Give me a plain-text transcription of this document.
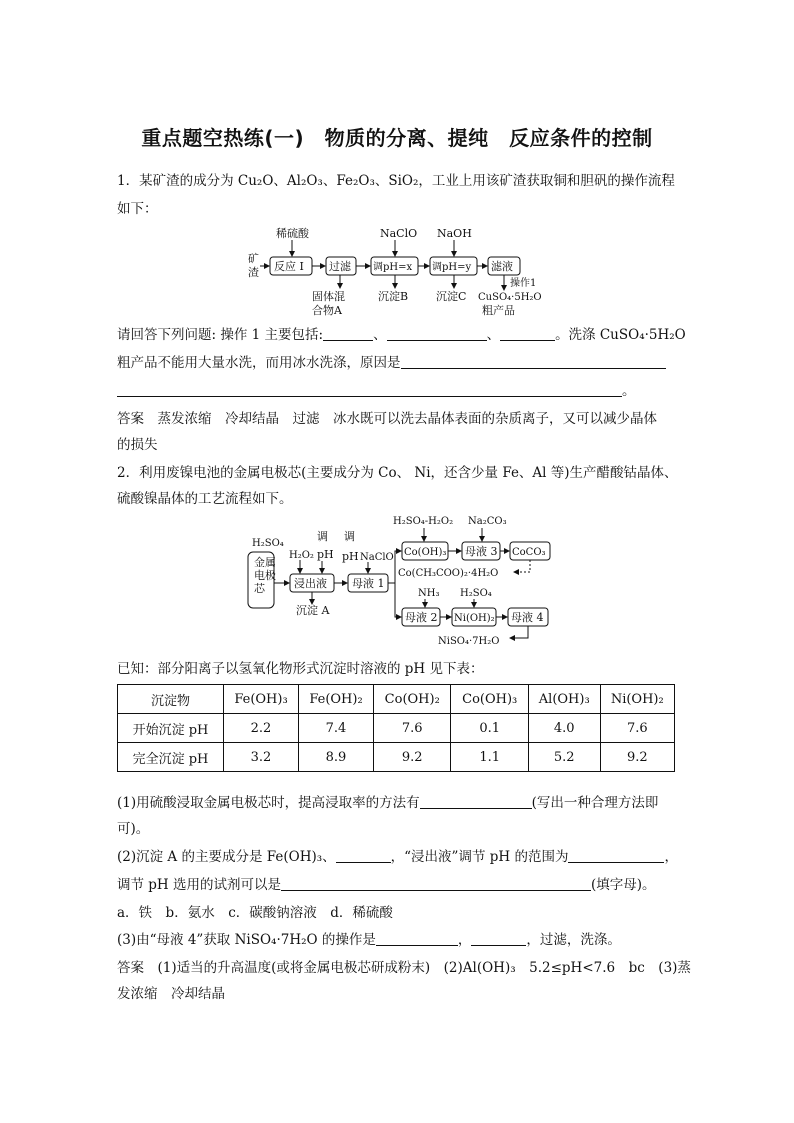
重点题空热练(一)　物质的分离、提纯　反应条件的控制
1．某矿渣的成分为 Cu₂O、Al₂O₃、Fe₂O₃、SiO₂，工业上用该矿渣获取铜和胆矾的操作流程
如下：
稀硫酸	NaClO NaOH
矿
渣 反应 I 过滤 调pH=x 调pH=y 滤液
固体混
合物A
沉淀B	沉淀C
操作1
CuSO₄·5H₂O
粗产品
请回答下列问题: 操作 1 主要包括:	、	、	。洗涤 CuSO₄·5H₂O
粗产品不能用大量水洗，而用冰水洗涤，原因是
。
答案　蒸发浓缩　冷却结晶　过滤　冰水既可以洗去晶体表面的杂质离子，又可以减少晶体
的损失
2．利用废镍电池的金属电极芯(主要成分为 Co、 Ni，还含少量 Fe、Al 等)生产醋酸钴晶体、
硫酸镍晶体的工艺流程如下。
H₂SO₄-H₂O₂ Na₂CO₃
H₂SO₄
调 调
H₂O₂ pH pH NaClO
金属
电极
芯	浸出液
沉淀 A
母液 1
Co(OH)₃ 母液 3 CoCO₃
Co(CH₃COO)₂·4H₂O
NH₃ H₂SO₄
母液 2 Ni(OH)₂ 母液 4
NiSO₄·7H₂O
已知：部分阳离子以氢氧化物形式沉淀时溶液的 pH 见下表：
沉淀物	Fe(OH)₃	Fe(OH)₂	Co(OH)₂	Co(OH)₃	Al(OH)₃	Ni(OH)₂
开始沉淀 pH	2.2	7.4	7.6	0.1	4.0	7.6
完全沉淀 pH	3.2	8.9	9.2	1.1	5.2	9.2
(1)用硫酸浸取金属电极芯时，提高浸取率的方法有	(写出一种合理方法即
可)。
(2)沉淀 A 的主要成分是 Fe(OH)₃、	，“浸出液”调节 pH 的范围为	，
调节 pH 选用的试剂可以是	(填字母)。
a．铁　b．氨水　c．碳酸钠溶液　d．稀硫酸
(3)由“母液 4”获取 NiSO₄·7H₂O 的操作是	，	，过滤，洗涤。
答案　(1)适当的升高温度(或将金属电极芯研成粉末)　(2)Al(OH)₃　5.2≤pH<7.6　bc　(3)蒸
发浓缩　冷却结晶
